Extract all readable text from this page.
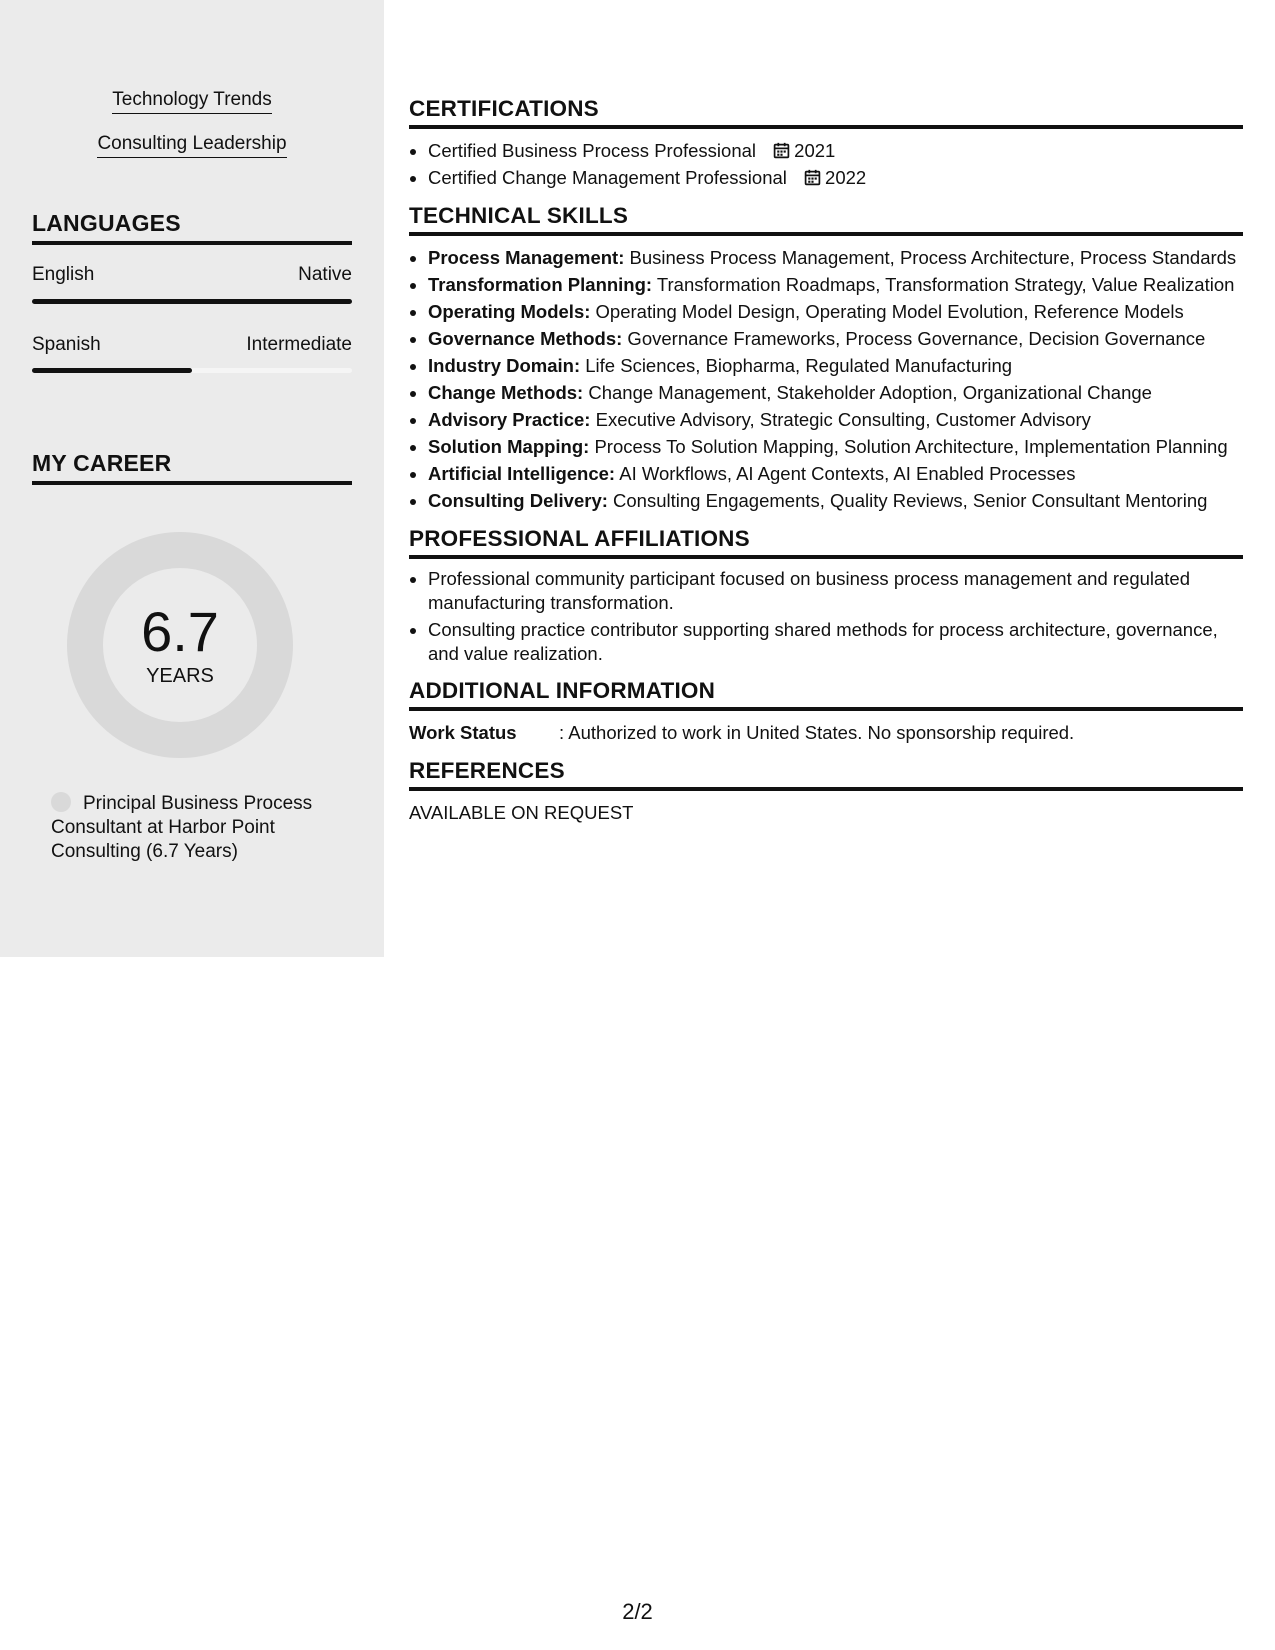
Technology Trends
Consulting Leadership
LANGUAGES
English	Native
Spanish	Intermediate
MY CAREER
6.7
YEARS
Principal Business Process Consultant at Harbor Point Consulting (6.7 Years)
CERTIFICATIONS
• Certified Business Process Professional 2021
• Certified Change Management Professional 2022
TECHNICAL SKILLS
• Process Management: Business Process Management, Process Architecture, Process Standards
• Transformation Planning: Transformation Roadmaps, Transformation Strategy, Value Realization
• Operating Models: Operating Model Design, Operating Model Evolution, Reference Models
• Governance Methods: Governance Frameworks, Process Governance, Decision Governance
• Industry Domain: Life Sciences, Biopharma, Regulated Manufacturing
• Change Methods: Change Management, Stakeholder Adoption, Organizational Change
• Advisory Practice: Executive Advisory, Strategic Consulting, Customer Advisory
• Solution Mapping: Process To Solution Mapping, Solution Architecture, Implementation Planning
• Artificial Intelligence: AI Workflows, AI Agent Contexts, AI Enabled Processes
• Consulting Delivery: Consulting Engagements, Quality Reviews, Senior Consultant Mentoring
PROFESSIONAL AFFILIATIONS
• Professional community participant focused on business process management and regulated manufacturing transformation.
• Consulting practice contributor supporting shared methods for process architecture, governance, and value realization.
ADDITIONAL INFORMATION
Work Status : Authorized to work in United States. No sponsorship required.
REFERENCES
AVAILABLE ON REQUEST
2/2
